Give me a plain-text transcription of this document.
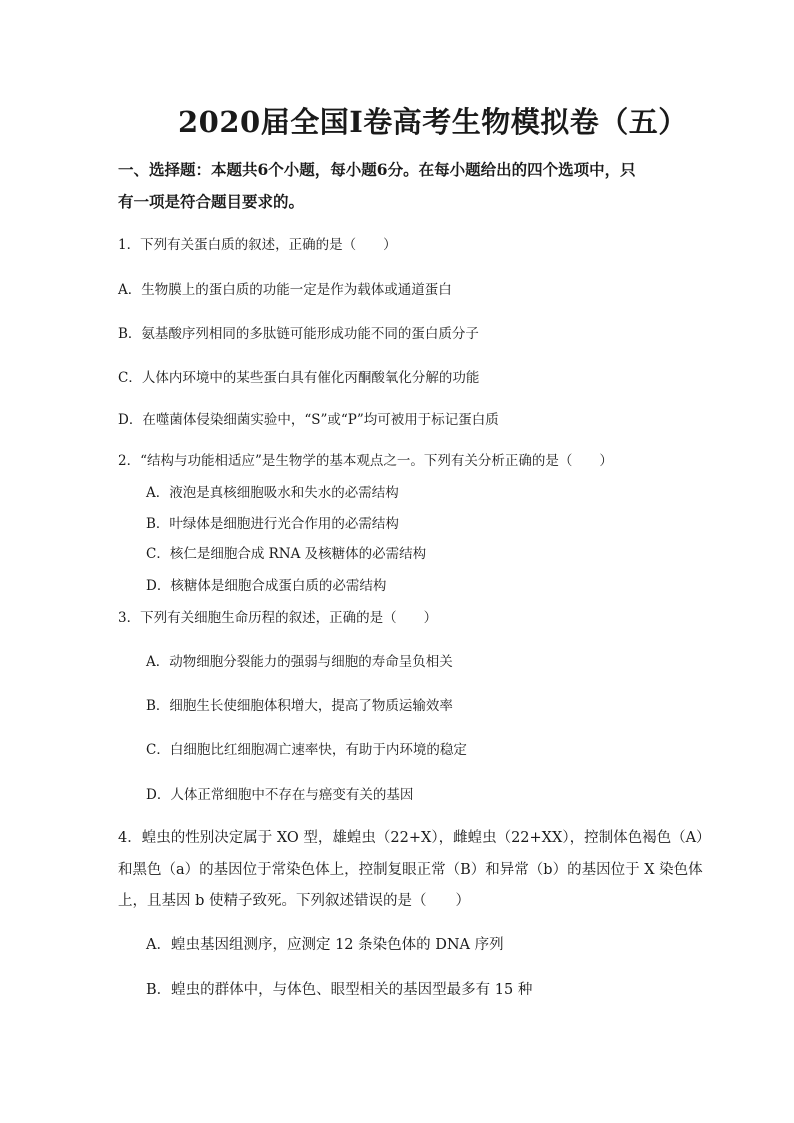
2020届全国I卷高考生物模拟卷（五）
一、选择题：本题共6个小题，每小题6分。在每小题给出的四个选项中，只
有一项是符合题目要求的。
1．下列有关蛋白质的叙述，正确的是（　　）
A．生物膜上的蛋白质的功能一定是作为载体或通道蛋白
B．氨基酸序列相同的多肽链可能形成功能不同的蛋白质分子
C．人体内环境中的某些蛋白具有催化丙酮酸氧化分解的功能
D．在噬菌体侵染细菌实验中，“S”或“P”均可被用于标记蛋白质
2．“结构与功能相适应”是生物学的基本观点之一。下列有关分析正确的是（　　）
A．液泡是真核细胞吸水和失水的必需结构
B．叶绿体是细胞进行光合作用的必需结构
C．核仁是细胞合成 RNA 及核糖体的必需结构
D．核糖体是细胞合成蛋白质的必需结构
3．下列有关细胞生命历程的叙述，正确的是（　　）
A．动物细胞分裂能力的强弱与细胞的寿命呈负相关
B．细胞生长使细胞体积增大，提高了物质运输效率
C．白细胞比红细胞凋亡速率快，有助于内环境的稳定
D．人体正常细胞中不存在与癌变有关的基因
4．蝗虫的性别决定属于 XO 型，雄蝗虫（22+X），雌蝗虫（22+XX），控制体色褐色（A）
和黑色（a）的基因位于常染色体上，控制复眼正常（B）和异常（b）的基因位于 X 染色体
上，且基因 b 使精子致死。下列叙述错误的是（　　）
A．蝗虫基因组测序，应测定 12 条染色体的 DNA 序列
B．蝗虫的群体中，与体色、眼型相关的基因型最多有 15 种
